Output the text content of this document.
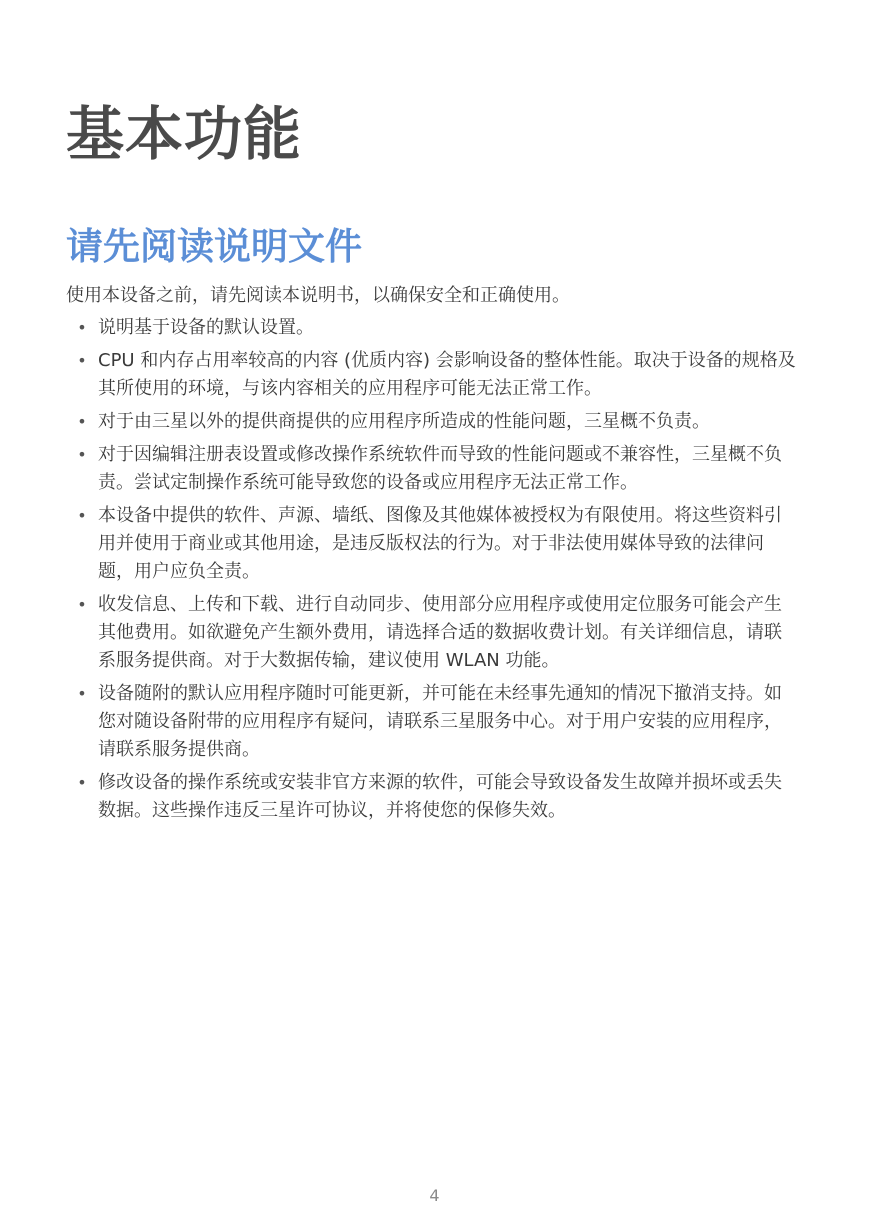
基本功能
请先阅读说明文件

使用本设备之前，请先阅读本说明书，以确保安全和正确使用。

• 说明基于设备的默认设置。
• CPU 和内存占用率较高的内容 (优质内容) 会影响设备的整体性能。取决于设备的规格及其所使用的环境，与该内容相关的应用程序可能无法正常工作。
• 对于由三星以外的提供商提供的应用程序所造成的性能问题，三星概不负责。
• 对于因编辑注册表设置或修改操作系统软件而导致的性能问题或不兼容性，三星概不负责。尝试定制操作系统可能导致您的设备或应用程序无法正常工作。
• 本设备中提供的软件、声源、墙纸、图像及其他媒体被授权为有限使用。将这些资料引用并使用于商业或其他用途，是违反版权法的行为。对于非法使用媒体导致的法律问题，用户应负全责。
• 收发信息、上传和下载、进行自动同步、使用部分应用程序或使用定位服务可能会产生其他费用。如欲避免产生额外费用，请选择合适的数据收费计划。有关详细信息，请联系服务提供商。对于大数据传输，建议使用 WLAN 功能。
• 设备随附的默认应用程序随时可能更新，并可能在未经事先通知的情况下撤消支持。如您对随设备附带的应用程序有疑问，请联系三星服务中心。对于用户安装的应用程序，请联系服务提供商。
• 修改设备的操作系统或安装非官方来源的软件，可能会导致设备发生故障并损坏或丢失数据。这些操作违反三星许可协议，并将使您的保修失效。
4
